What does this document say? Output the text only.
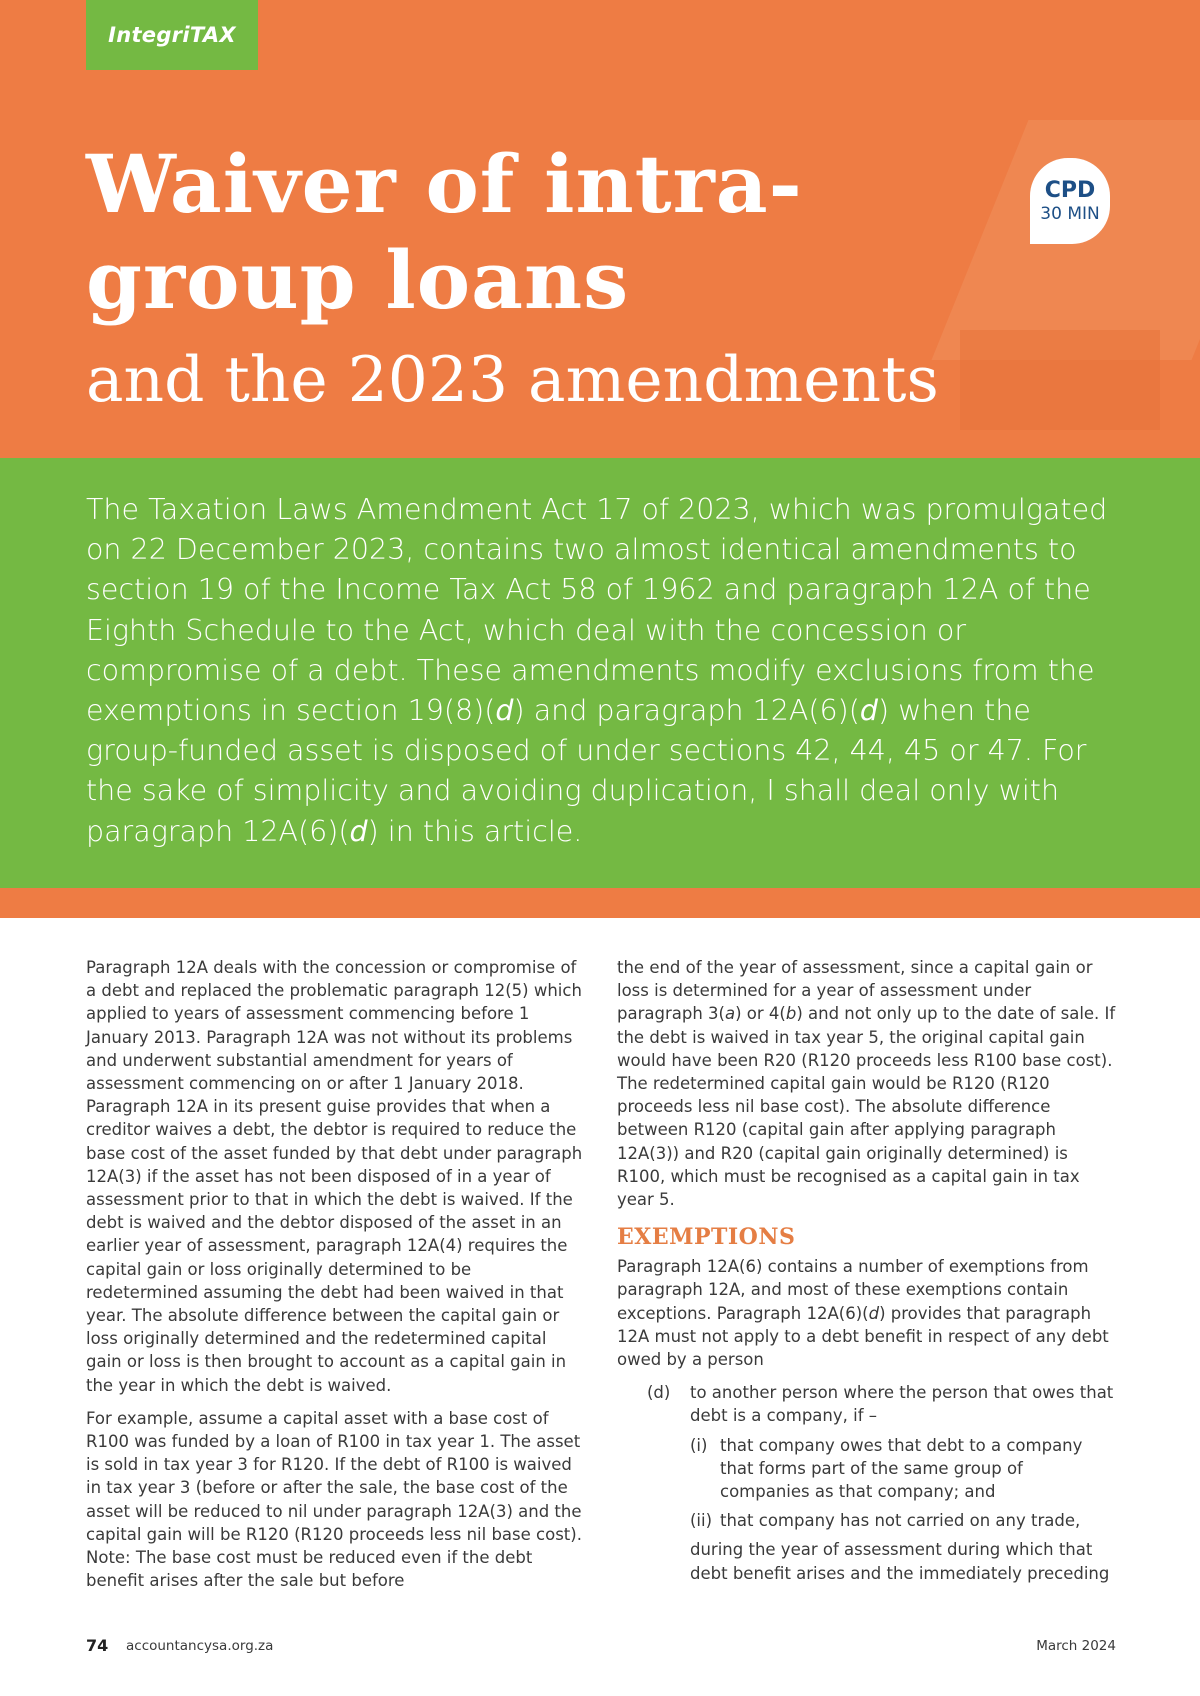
IntegriTAX
Waiver of intra-
group loans
and the 2023 amendments
CPD
30 MIN

The Taxation Laws Amendment Act 17 of 2023, which was promulgated on 22 December 2023, contains two almost identical amendments to section 19 of the Income Tax Act 58 of 1962 and paragraph 12A of the Eighth Schedule to the Act, which deal with the concession or compromise of a debt. These amendments modify exclusions from the exemptions in section 19(8)(d) and paragraph 12A(6)(d) when the group-funded asset is disposed of under sections 42, 44, 45 or 47. For the sake of simplicity and avoiding duplication, I shall deal only with paragraph 12A(6)(d) in this article.

Paragraph 12A deals with the concession or compromise of a debt and replaced the problematic paragraph 12(5) which applied to years of assessment commencing before 1 January 2013. Paragraph 12A was not without its problems and underwent substantial amendment for years of assessment commencing on or after 1 January 2018. Paragraph 12A in its present guise provides that when a creditor waives a debt, the debtor is required to reduce the base cost of the asset funded by that debt under paragraph 12A(3) if the asset has not been disposed of in a year of assessment prior to that in which the debt is waived. If the debt is waived and the debtor disposed of the asset in an earlier year of assessment, paragraph 12A(4) requires the capital gain or loss originally determined to be redetermined assuming the debt had been waived in that year. The absolute difference between the capital gain or loss originally determined and the redetermined capital gain or loss is then brought to account as a capital gain in the year in which the debt is waived.

For example, assume a capital asset with a base cost of R100 was funded by a loan of R100 in tax year 1. The asset is sold in tax year 3 for R120. If the debt of R100 is waived in tax year 3 (before or after the sale, the base cost of the asset will be reduced to nil under paragraph 12A(3) and the capital gain will be R120 (R120 proceeds less nil base cost). Note: The base cost must be reduced even if the debt benefit arises after the sale but before

the end of the year of assessment, since a capital gain or loss is determined for a year of assessment under paragraph 3(a) or 4(b) and not only up to the date of sale. If the debt is waived in tax year 5, the original capital gain would have been R20 (R120 proceeds less R100 base cost). The redetermined capital gain would be R120 (R120 proceeds less nil base cost). The absolute difference between R120 (capital gain after applying paragraph 12A(3)) and R20 (capital gain originally determined) is R100, which must be recognised as a capital gain in tax year 5.

EXEMPTIONS

Paragraph 12A(6) contains a number of exemptions from paragraph 12A, and most of these exemptions contain exceptions. Paragraph 12A(6)(d) provides that paragraph 12A must not apply to a debt benefit in respect of any debt owed by a person

(d)	to another person where the person that owes that debt is a company, if –
(i) that company owes that debt to a company that forms part of the same group of companies as that company; and
(ii) that company has not carried on any trade,
during the year of assessment during which that debt benefit arises and the immediately preceding
74 accountancysa.org.za	March 2024
